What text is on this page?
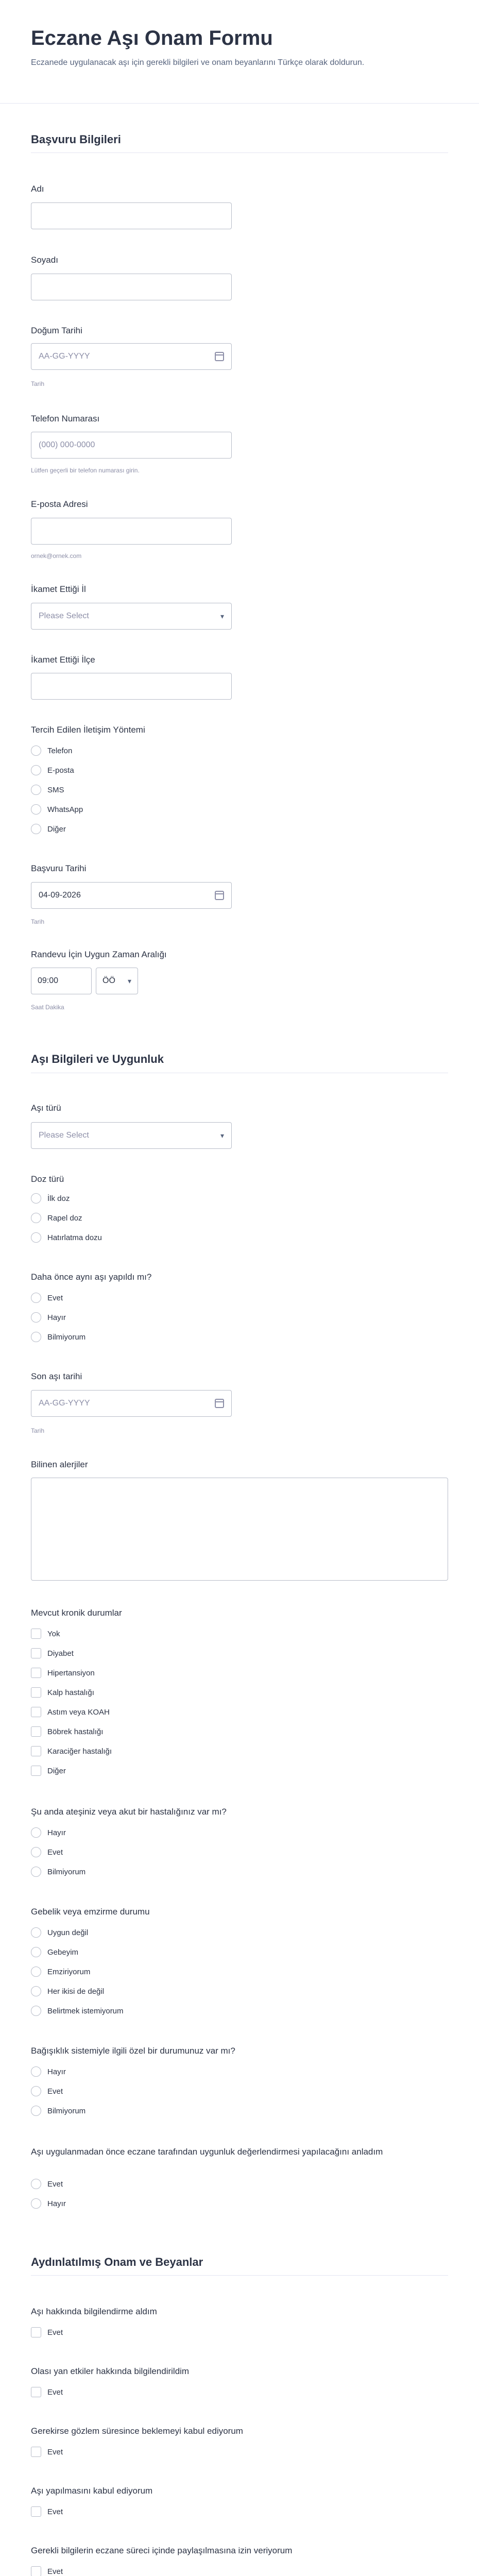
Eczane Aşı Onam Formu
Eczanede uygulanacak aşı için gerekli bilgileri ve onam beyanlarını Türkçe olarak doldurun.
Başvuru Bilgileri
Adı
Soyadı
Doğum Tarihi
AA-GG-YYYY
Tarih
Telefon Numarası
(000) 000-0000
Lütfen geçerli bir telefon numarası girin.
E-posta Adresi
ornek@ornek.com
İkamet Ettiği İl
Please Select	▾
İkamet Ettiği İlçe
Tercih Edilen İletişim Yöntemi
Telefon
E-posta
SMS
WhatsApp
Diğer
Başvuru Tarihi
04-09-2026
Tarih
Randevu İçin Uygun Zaman Aralığı
09:00	ÖÖ ▾
Saat Dakika
Aşı Bilgileri ve Uygunluk
Aşı türü
Please Select	▾
Doz türü
İlk doz
Rapel doz
Hatırlatma dozu
Daha önce aynı aşı yapıldı mı?
Evet
Hayır
Bilmiyorum
Son aşı tarihi
AA-GG-YYYY
Tarih
Bilinen alerjiler
Mevcut kronik durumlar
Yok
Diyabet
Hipertansiyon
Kalp hastalığı
Astım veya KOAH
Böbrek hastalığı
Karaciğer hastalığı
Diğer
Şu anda ateşiniz veya akut bir hastalığınız var mı?
Hayır
Evet
Bilmiyorum
Gebelik veya emzirme durumu
Uygun değil
Gebeyim
Emziriyorum
Her ikisi de değil
Belirtmek istemiyorum
Bağışıklık sistemiyle ilgili özel bir durumunuz var mı?
Hayır
Evet
Bilmiyorum
Aşı uygulanmadan önce eczane tarafından uygunluk değerlendirmesi yapılacağını anladım
Evet
Hayır
Aydınlatılmış Onam ve Beyanlar
Aşı hakkında bilgilendirme aldım
Evet
Olası yan etkiler hakkında bilgilendirildim
Evet
Gerekirse gözlem süresince beklemeyi kabul ediyorum
Evet
Aşı yapılmasını kabul ediyorum
Evet
Gerekli bilgilerin eczane süreci içinde paylaşılmasına izin veriyorum
Evet
